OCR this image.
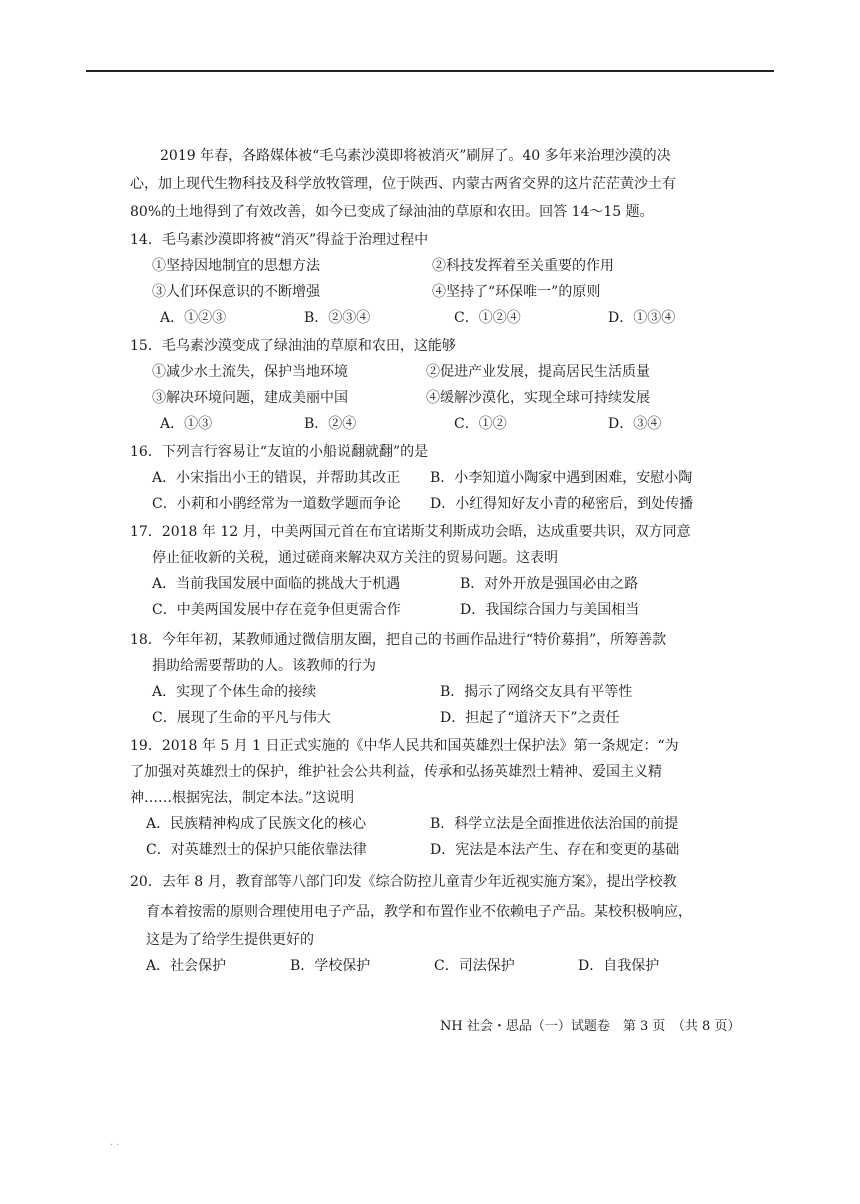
2019 年春，各路媒体被“毛乌素沙漠即将被消灭”刷屏了。40 多年来治理沙漠的决
心，加上现代生物科技及科学放牧管理，位于陕西、内蒙古两省交界的这片茫茫黄沙土有
80%的土地得到了有效改善，如今已变成了绿油油的草原和农田。回答 14～15 题。
14．毛乌素沙漠即将被“消灭”得益于治理过程中
①坚持因地制宜的思想方法	②科技发挥着至关重要的作用
③人们环保意识的不断增强	④坚持了“环保唯一”的原则
A．①②③	B．②③④	C．①②④	D．①③④
15．毛乌素沙漠变成了绿油油的草原和农田，这能够
①减少水土流失，保护当地环境	②促进产业发展，提高居民生活质量
③解决环境问题，建成美丽中国	④缓解沙漠化，实现全球可持续发展
A．①③	B．②④	C．①②	D．③④
16．下列言行容易让“友谊的小船说翻就翻”的是
A．小宋指出小王的错误，并帮助其改正 B．小李知道小陶家中遇到困难，安慰小陶
C．小莉和小鹃经常为一道数学题而争论 D．小红得知好友小青的秘密后，到处传播
17．2018 年 12 月，中美两国元首在布宜诺斯艾利斯成功会晤，达成重要共识，双方同意
停止征收新的关税，通过磋商来解决双方关注的贸易问题。这表明
A．当前我国发展中面临的挑战大于机遇	B．对外开放是强国必由之路
C．中美两国发展中存在竞争但更需合作	D．我国综合国力与美国相当
18．今年年初，某教师通过微信朋友圈，把自己的书画作品进行“特价募捐”，所筹善款
捐助给需要帮助的人。该教师的行为
A．实现了个体生命的接续	B．揭示了网络交友具有平等性
C．展现了生命的平凡与伟大	D．担起了“道济天下”之责任
19．2018 年 5 月 1 日正式实施的《中华人民共和国英雄烈士保护法》第一条规定：“为
了加强对英雄烈士的保护，维护社会公共利益，传承和弘扬英雄烈士精神、爱国主义精
神……根据宪法，制定本法。”这说明
A．民族精神构成了民族文化的核心	B．科学立法是全面推进依法治国的前提
C．对英雄烈士的保护只能依靠法律	D．宪法是本法产生、存在和变更的基础
20．去年 8 月，教育部等八部门印发《综合防控儿童青少年近视实施方案》，提出学校教
育本着按需的原则合理使用电子产品，教学和布置作业不依赖电子产品。某校积极响应，
这是为了给学生提供更好的
A．社会保护	B．学校保护	C．司法保护	D．自我保护
NH 社会・思品（一）试题卷　第 3 页　（共 8 页）
· ·
